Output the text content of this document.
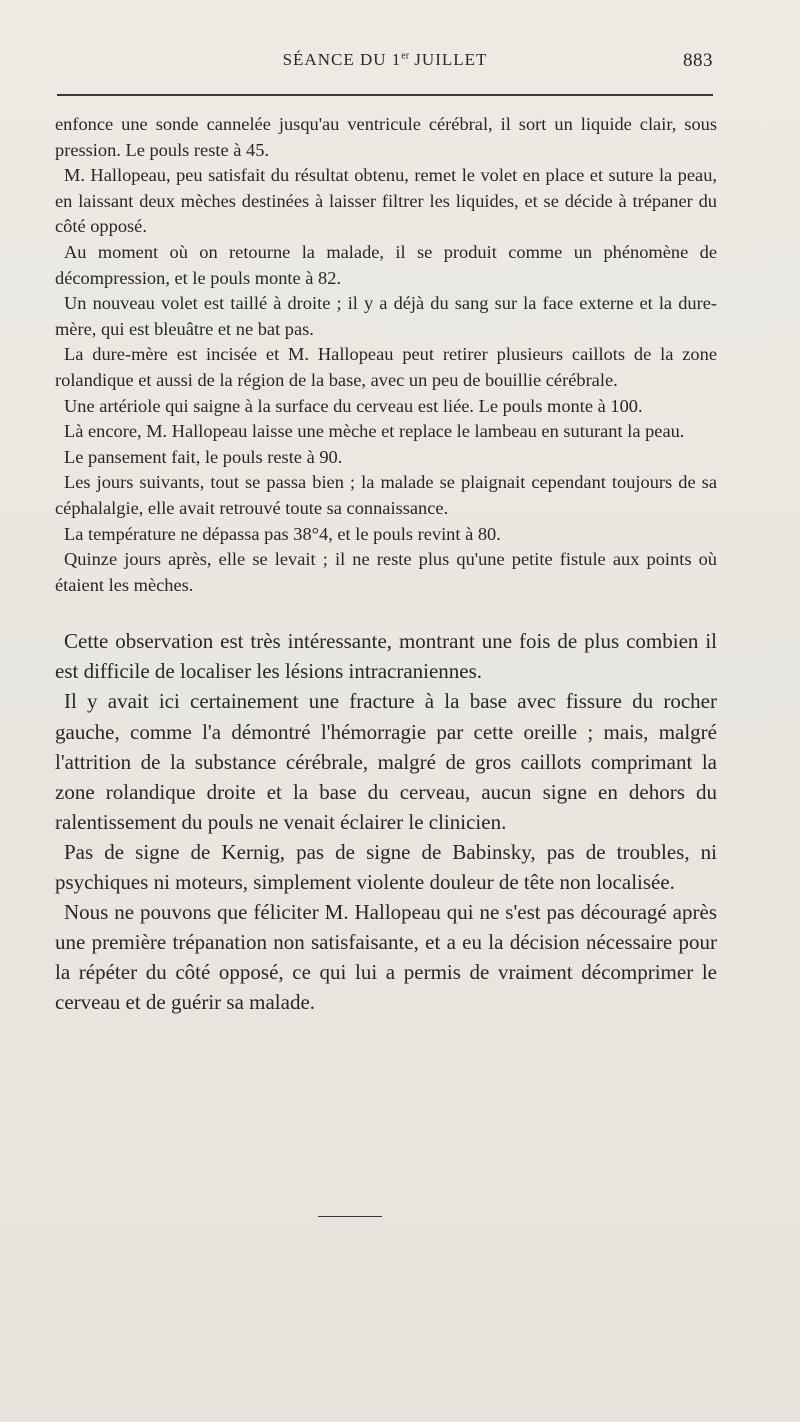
SÉANCE DU 1er JUILLET	883

enfonce une sonde cannelée jusqu'au ventricule cérébral, il sort un liquide clair, sous pression. Le pouls reste à 45.

M. Hallopeau, peu satisfait du résultat obtenu, remet le volet en place et suture la peau, en laissant deux mèches destinées à laisser filtrer les liquides, et se décide à trépaner du côté opposé.

Au moment où on retourne la malade, il se produit comme un phénomène de décompression, et le pouls monte à 82.

Un nouveau volet est taillé à droite ; il y a déjà du sang sur la face externe et la dure-mère, qui est bleuâtre et ne bat pas.

La dure-mère est incisée et M. Hallopeau peut retirer plusieurs caillots de la zone rolandique et aussi de la région de la base, avec un peu de bouillie cérébrale.

Une artériole qui saigne à la surface du cerveau est liée. Le pouls monte à 100.

Là encore, M. Hallopeau laisse une mèche et replace le lambeau en suturant la peau.

Le pansement fait, le pouls reste à 90.

Les jours suivants, tout se passa bien ; la malade se plaignait cependant toujours de sa céphalalgie, elle avait retrouvé toute sa connaissance.

La température ne dépassa pas 38°4, et le pouls revint à 80.

Quinze jours après, elle se levait ; il ne reste plus qu'une petite fistule aux points où étaient les mèches.

Cette observation est très intéressante, montrant une fois de plus combien il est difficile de localiser les lésions intracraniennes.

Il y avait ici certainement une fracture à la base avec fissure du rocher gauche, comme l'a démontré l'hémorragie par cette oreille ; mais, malgré l'attrition de la substance cérébrale, malgré de gros caillots comprimant la zone rolandique droite et la base du cerveau, aucun signe en dehors du ralentissement du pouls ne venait éclairer le clinicien.

Pas de signe de Kernig, pas de signe de Babinsky, pas de troubles, ni psychiques ni moteurs, simplement violente douleur de tête non localisée.

Nous ne pouvons que féliciter M. Hallopeau qui ne s'est pas découragé après une première trépanation non satisfaisante, et a eu la décision nécessaire pour la répéter du côté opposé, ce qui lui a permis de vraiment décomprimer le cerveau et de guérir sa malade.
